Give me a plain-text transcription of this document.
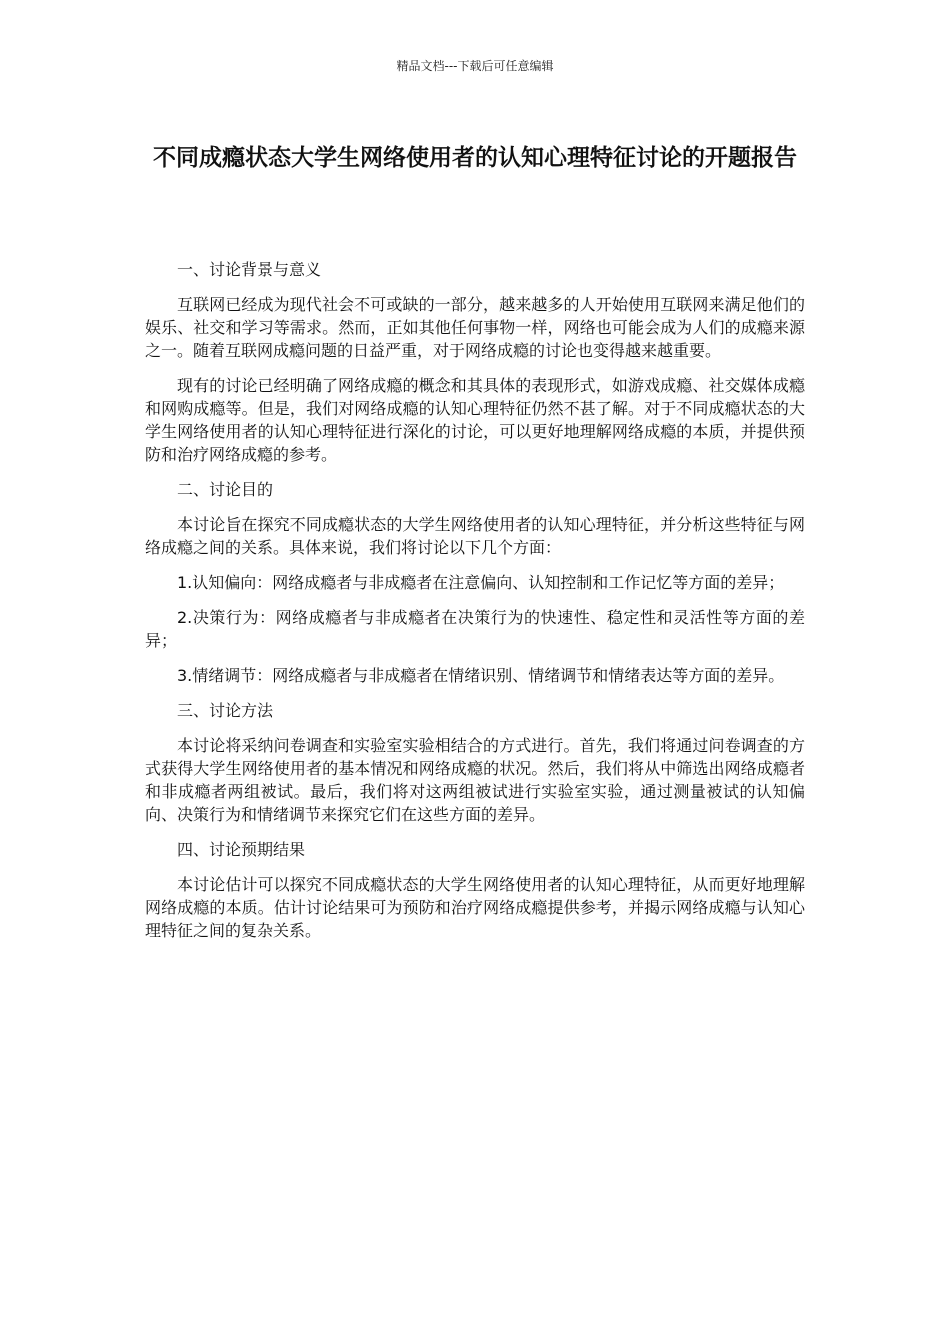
精品文档---下载后可任意编辑
不同成瘾状态大学生网络使用者的认知心理特征讨论的开题报告

一、讨论背景与意义

互联网已经成为现代社会不可或缺的一部分，越来越多的人开始使用互联网来满足他们的娱乐、社交和学习等需求。然而，正如其他任何事物一样，网络也可能会成为人们的成瘾来源之一。随着互联网成瘾问题的日益严重，对于网络成瘾的讨论也变得越来越重要。

现有的讨论已经明确了网络成瘾的概念和其具体的表现形式，如游戏成瘾、社交媒体成瘾和网购成瘾等。但是，我们对网络成瘾的认知心理特征仍然不甚了解。对于不同成瘾状态的大学生网络使用者的认知心理特征进行深化的讨论，可以更好地理解网络成瘾的本质，并提供预防和治疗网络成瘾的参考。

二、讨论目的

本讨论旨在探究不同成瘾状态的大学生网络使用者的认知心理特征，并分析这些特征与网络成瘾之间的关系。具体来说，我们将讨论以下几个方面：

1.认知偏向：网络成瘾者与非成瘾者在注意偏向、认知控制和工作记忆等方面的差异；

2.决策行为：网络成瘾者与非成瘾者在决策行为的快速性、稳定性和灵活性等方面的差异；

3.情绪调节：网络成瘾者与非成瘾者在情绪识别、情绪调节和情绪表达等方面的差异。

三、讨论方法

本讨论将采纳问卷调查和实验室实验相结合的方式进行。首先，我们将通过问卷调查的方式获得大学生网络使用者的基本情况和网络成瘾的状况。然后，我们将从中筛选出网络成瘾者和非成瘾者两组被试。最后，我们将对这两组被试进行实验室实验，通过测量被试的认知偏向、决策行为和情绪调节来探究它们在这些方面的差异。

四、讨论预期结果

本讨论估计可以探究不同成瘾状态的大学生网络使用者的认知心理特征，从而更好地理解网络成瘾的本质。估计讨论结果可为预防和治疗网络成瘾提供参考，并揭示网络成瘾与认知心理特征之间的复杂关系。
